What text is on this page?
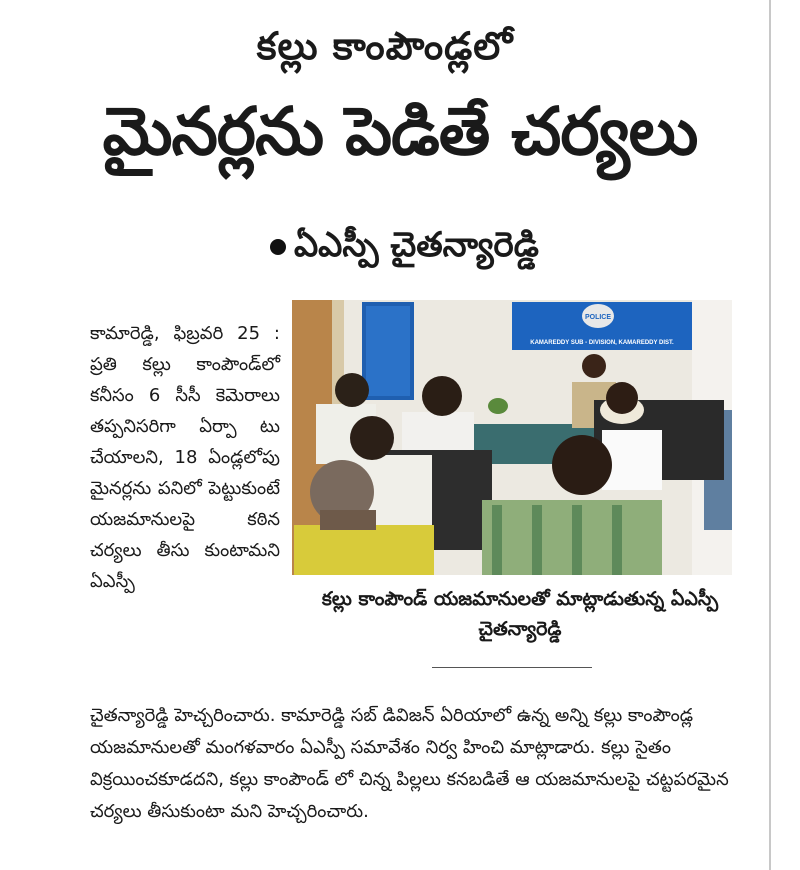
కల్లు కాంపౌండ్లలో
మైనర్లను పెడితే చర్యలు
ఏఎస్పీ చైతన్యారెడ్డి
POLICE
KAMAREDDY SUB - DIVISION, KAMAREDDY DIST.
కల్లు కాంపౌండ్ యజమానులతో మాట్లాడుతున్న ఏఎస్పీ చైతన్యారెడ్డి
కామారెడ్డి, ఫిబ్రవరి 25 : ప్రతి కల్లు కాంపౌండ్‌లో కనీసం 6 సీసీ కెమెరాలు తప్పనిసరిగా ఏర్పా టు చేయాలని, 18 ఏండ్లలోపు మైనర్లను పనిలో పెట్టుకుంటే యజమానులపై కఠిన చర్యలు తీసు కుంటామని ఏఎస్పీ
చైతన్యారెడ్డి హెచ్చరించారు. కామారెడ్డి సబ్ డివిజన్ ఏరియాలో ఉన్న అన్ని కల్లు కాంపౌండ్ల యజమానులతో మంగళవారం ఏఎస్పీ సమావేశం నిర్వ హించి మాట్లాడారు. కల్లు సైతం విక్రయించకూడదని, కల్లు కాంపౌండ్ లో చిన్న పిల్లలు కనబడితే ఆ యజమానులపై చట్టపరమైన చర్యలు తీసుకుంటా మని హెచ్చరించారు.
